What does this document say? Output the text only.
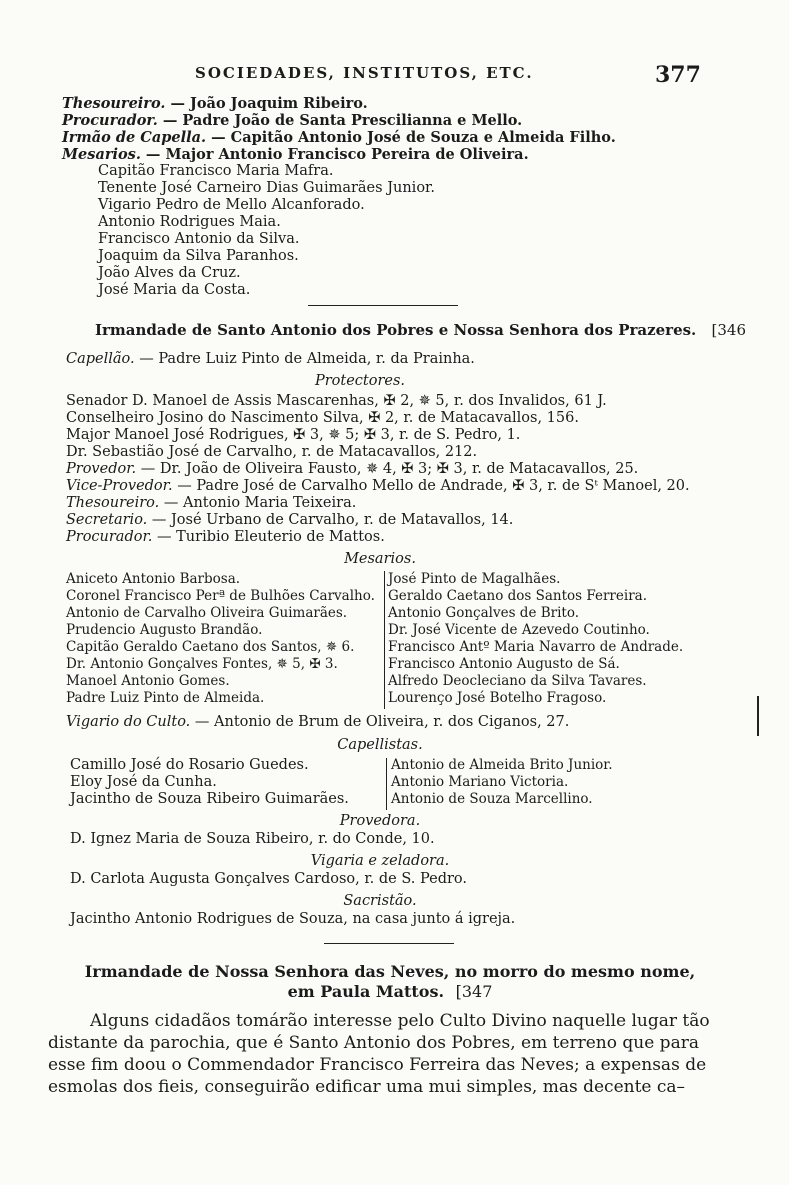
SOCIEDADES, INSTITUTOS, ETC.	377
Thesoureiro. — João Joaquim Ribeiro.
Procurador. — Padre João de Santa Prescilianna e Mello.
Irmão de Capella. — Capitão Antonio José de Souza e Almeida Filho.
Mesarios. — Major Antonio Francisco Pereira de Oliveira.
Capitão Francisco Maria Mafra.
Tenente José Carneiro Dias Guimarães Junior.
Vigario Pedro de Mello Alcanforado.
Antonio Rodrigues Maia.
Francisco Antonio da Silva.
Joaquim da Silva Paranhos.
João Alves da Cruz.
José Maria da Costa.
Irmandade de Santo Antonio dos Pobres e Nossa Senhora dos Prazeres. [346
Capellão. — Padre Luiz Pinto de Almeida, r. da Prainha.
Protectores.
Senador D. Manoel de Assis Mascarenhas, ✠ 2, ✵ 5, r. dos Invalidos, 61 J.
Conselheiro Josino do Nascimento Silva, ✠ 2, r. de Matacavallos, 156.
Major Manoel José Rodrigues, ✠ 3, ✵ 5; ✠ 3, r. de S. Pedro, 1.
Dr. Sebastião José de Carvalho, r. de Matacavallos, 212.
Provedor. — Dr. João de Oliveira Fausto, ✵ 4, ✠ 3; ✠ 3, r. de Matacavallos, 25.
Vice-Provedor. — Padre José de Carvalho Mello de Andrade, ✠ 3, r. de Sᵗ Manoel, 20.
Thesoureiro. — Antonio Maria Teixeira.
Secretario. — José Urbano de Carvalho, r. de Matavallos, 14.
Procurador. — Turibio Eleuterio de Mattos.
Mesarios.
Aniceto Antonio Barbosa.
Coronel Francisco Perª de Bulhões Carvalho.
Antonio de Carvalho Oliveira Guimarães.
Prudencio Augusto Brandão.
Capitão Geraldo Caetano dos Santos, ✵ 6.
Dr. Antonio Gonçalves Fontes, ✵ 5, ✠ 3.
Manoel Antonio Gomes.
Padre Luiz Pinto de Almeida.
José Pinto de Magalhães.
Geraldo Caetano dos Santos Ferreira.
Antonio Gonçalves de Brito.
Dr. José Vicente de Azevedo Coutinho.
Francisco Antº Maria Navarro de Andrade.
Francisco Antonio Augusto de Sá.
Alfredo Deocleciano da Silva Tavares.
Lourenço José Botelho Fragoso.
Vigario do Culto. — Antonio de Brum de Oliveira, r. dos Ciganos, 27.
Capellistas.
Camillo José do Rosario Guedes.
Eloy José da Cunha.
Jacintho de Souza Ribeiro Guimarães.
Antonio de Almeida Brito Junior.
Antonio Mariano Victoria.
Antonio de Souza Marcellino.
Provedora.
D. Ignez Maria de Souza Ribeiro, r. do Conde, 10.
Vigaria e zeladora.
D. Carlota Augusta Gonçalves Cardoso, r. de S. Pedro.
Sacristão.
Jacintho Antonio Rodrigues de Souza, na casa junto á igreja.
Irmandade de Nossa Senhora das Neves, no morro do mesmo nome,
em Paula Mattos. [347
Alguns cidadãos tomárão interesse pelo Culto Divino naquelle lugar tão
distante da parochia, que é Santo Antonio dos Pobres, em terreno que para
esse fim doou o Commendador Francisco Ferreira das Neves; a expensas de
esmolas dos fieis, conseguirão edificar uma mui simples, mas decente ca–
